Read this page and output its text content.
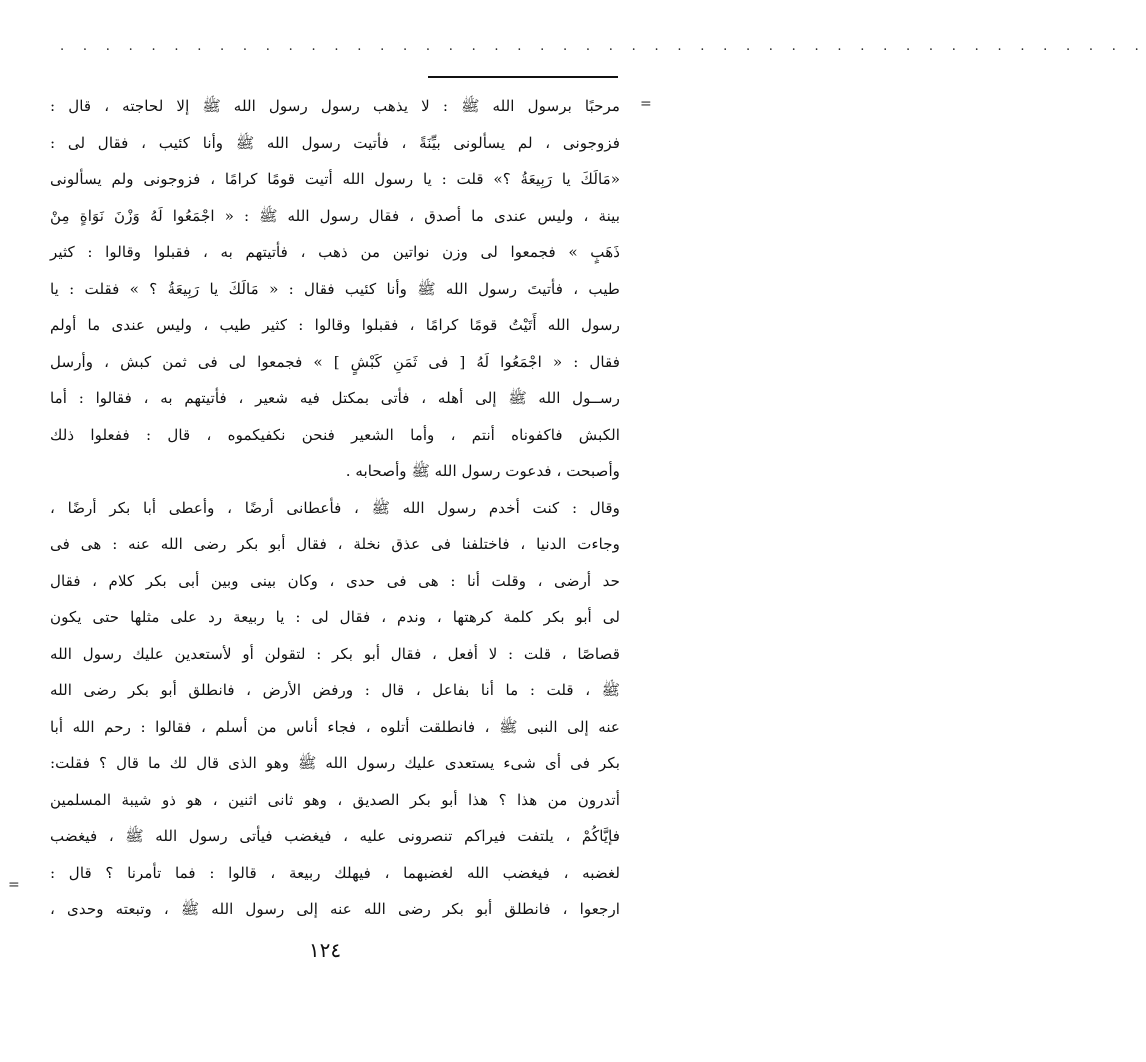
. . . . . . . . . . . . . . . . . . . . . . . . . . . . . . . . . . . . . . . . . . . . . . . .
=
=
مرحبًا برسول الله ﷺ : لا يذهب رسول رسول الله ﷺ إلا لحاجته ، قال :
فزوجونى ، لم يسألونى بيِّنَةً ، فأتيت رسول الله ﷺ وأنا كئيب ، فقال لى :
«مَالَكَ يا رَبِيعَةُ ؟» قلت : يا رسول الله أتيت قومًا كرامًا ، فزوجونى ولم يسألونى
بينة ، وليس عندى ما أصدق ، فقال رسول الله ﷺ : « اجْمَعُوا لَهُ وَزْنَ نَوَاةٍ مِنْ
ذَهَبٍ » فجمعوا لى وزن نواتين من ذهب ، فأتيتهم به ، فقبلوا وقالوا : كثير
طيب ، فأتيتَ رسول الله ﷺ وأنا كئيب فقال : « مَالَكَ يا رَبِيعَةُ ؟ » فقلت : يا
رسول الله أَتَيْتُ قومًا كرامًا ، فقبلوا وقالوا : كثير طيب ، وليس عندى ما أولم
فقال : « اجْمَعُوا لَهُ [ فى ثَمَنِ كَبْشٍ ] » فجمعوا لى فى ثمن كبش ، وأرسل
رســول الله ﷺ إلى أهله ، فأتى بمكتل فيه شعير ، فأتيتهم به ، فقالوا : أما
الكبش فاكفوناه أنتم ، وأما الشعير فنحن نكفيكموه ، قال : ففعلوا ذلك
وأصبحت ، فدعوت رسول الله ﷺ وأصحابه .
وقال : كنت أخدم رسول الله ﷺ ، فأعطانى أرضًا ، وأعطى أبا بكر أرضًا ،
وجاءت الدنيا ، فاختلفنا فى عذق نخلة ، فقال أبو بكر رضى الله عنه : هى فى
حد أرضى ، وقلت أنا : هى فى حدى ، وكان بينى وبين أبى بكر كلام ، فقال
لى أبو بكر كلمة كرهتها ، وندم ، فقال لى : يا ربيعة رد على مثلها حتى يكون
قصاصًا ، قلت : لا أفعل ، فقال أبو بكر : لتقولن أو لأستعدين عليك رسول الله
ﷺ ، قلت : ما أنا بفاعل ، قال : ورفض الأرض ، فانطلق أبو بكر رضى الله
عنه إلى النبى ﷺ ، فانطلقت أتلوه ، فجاء أناس من أسلم ، فقالوا : رحم الله أبا
بكر فى أى شىء يستعدى عليك رسول الله ﷺ وهو الذى قال لك ما قال ؟ فقلت:
أتدرون من هذا ؟ هذا أبو بكر الصديق ، وهو ثانى اثنين ، هو ذو شيبة المسلمين
فإيَّاكُمْ ، يلتفت فيراكم تنصرونى عليه ، فيغضب فيأتى رسول الله ﷺ ، فيغضب
لغضبه ، فيغضب الله لغضبهما ، فيهلك ربيعة ، قالوا : فما تأمرنا ؟ قال :
ارجعوا ، فانطلق أبو بكر رضى الله عنه إلى رسول الله ﷺ ، وتبعته وحدى ،
١٢٤
